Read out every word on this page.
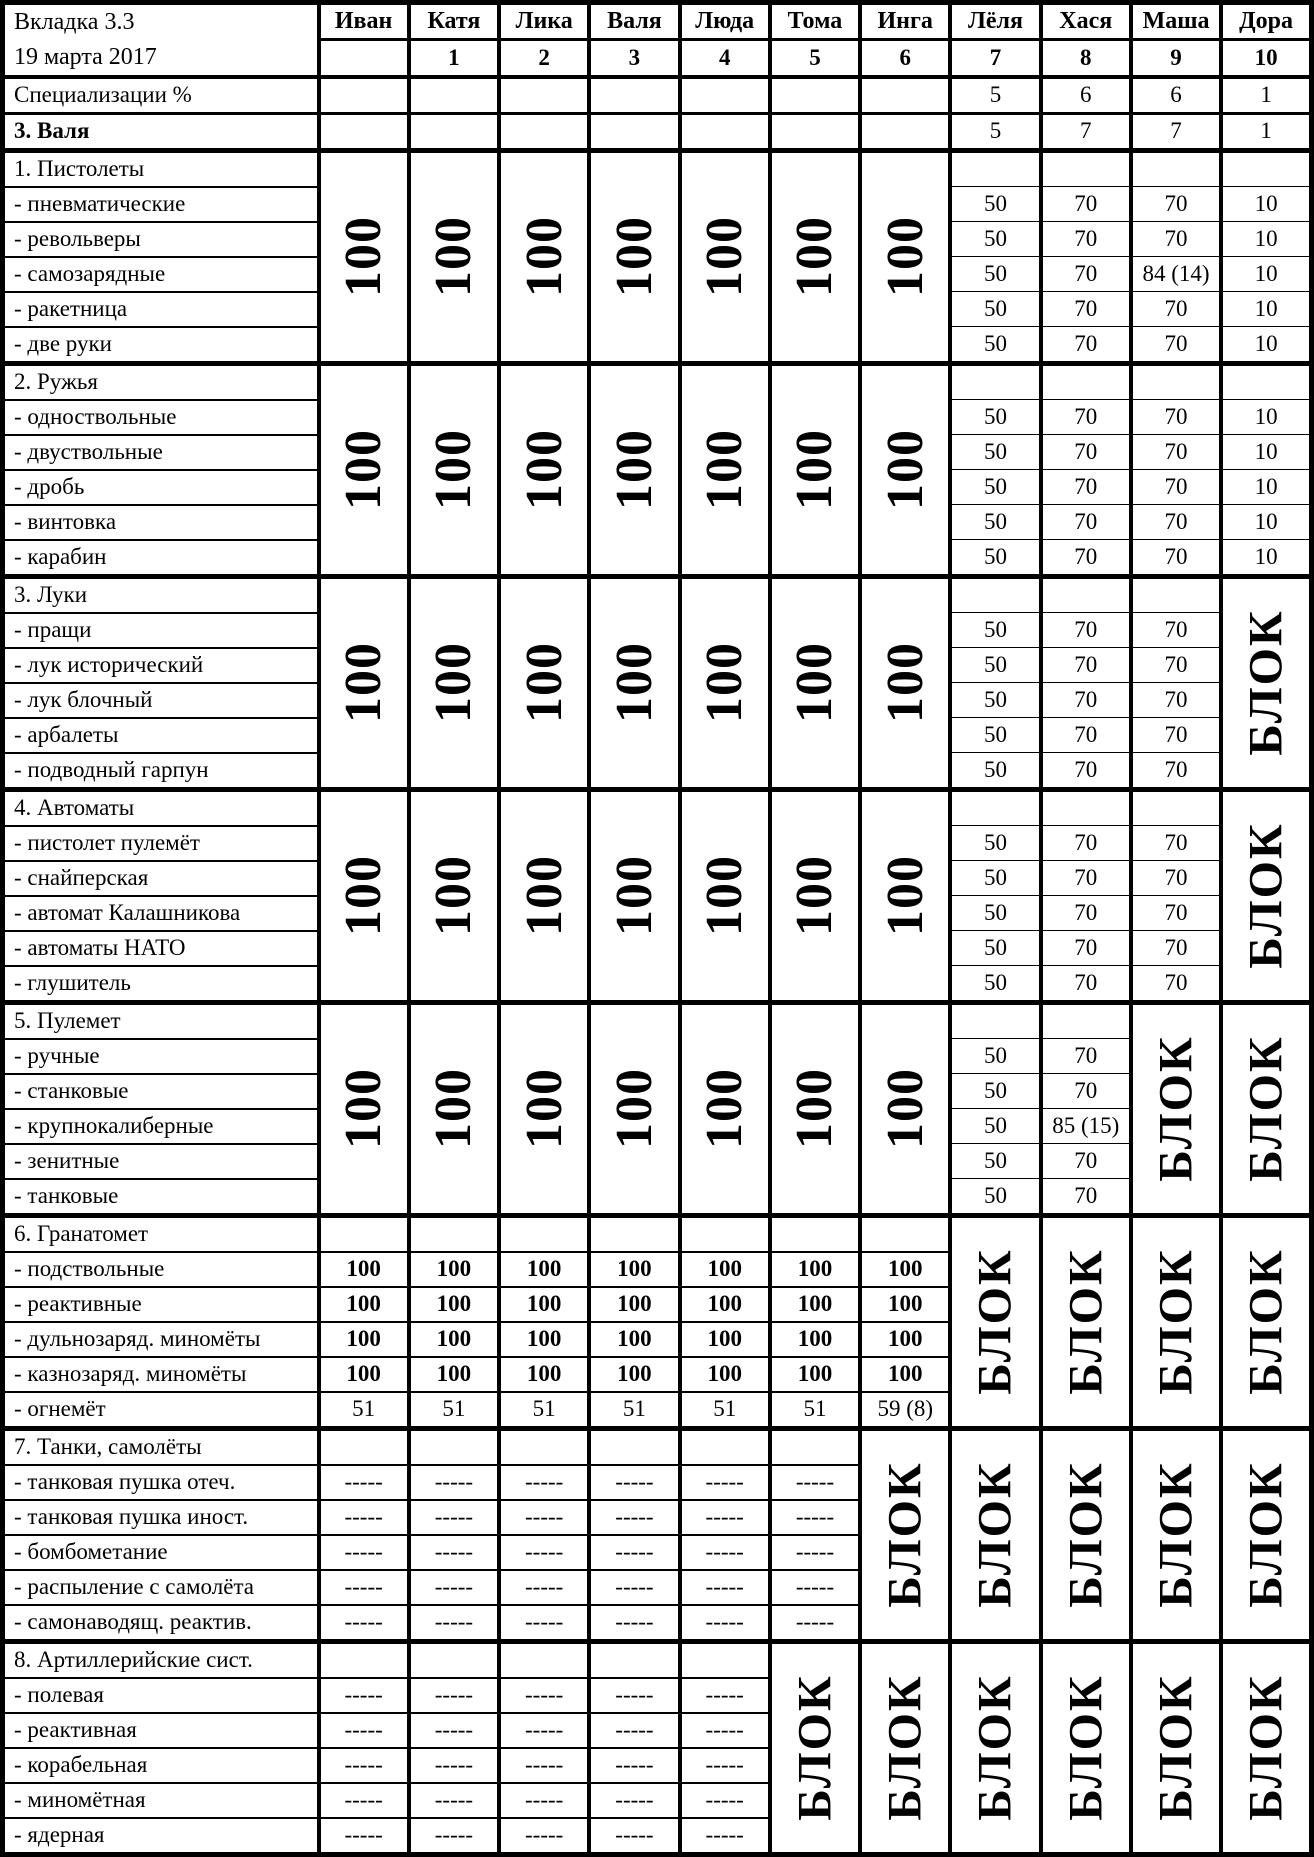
Вкладка 3.3
19 марта 2017	Иван	Катя	Лика	Валя	Люда	Тома	Инга	Лёля	Хася	Маша	Дора
		1	2	3	4	5	6	7	8	9	10
Специализации %								5	6	6	1
3. Валя								5	7	7	1
1. Пистолеты	100	100	100	100	100	100	100				

- пневматические								50	70	70	10
- револьверы								50	70	70	10
- самозарядные								50	70	84 (14)	10
- ракетница								50	70	70	10
- две руки								50	70	70	10
2. Ружья	100	100	100	100	100	100	100				

- одноствольные								50	70	70	10
- двуствольные								50	70	70	10
- дробь								50	70	70	10
- винтовка								50	70	70	10
- карабин								50	70	70	10
3. Луки	100	100	100	100	100	100	100				БЛОК

- пращи								50	70	70	
- лук исторический								50	70	70	
- лук блочный								50	70	70	
- арбалеты								50	70	70	
- подводный гарпун								50	70	70	
4. Автоматы	100	100	100	100	100	100	100				БЛОК

- пистолет пулемёт								50	70	70	
- снайперская								50	70	70	
- автомат Калашникова								50	70	70	
- автоматы НАТО								50	70	70	
- глушитель								50	70	70	
5. Пулемет	100	100	100	100	100	100	100			БЛОК	БЛОК

- ручные								50	70		
- станковые								50	70		
- крупнокалиберные								50	85 (15)		
- зенитные								50	70		
- танковые								50	70		
6. Гранатомет								БЛОК	БЛОК	БЛОК	БЛОК

- подствольные	100	100	100	100	100	100	100				
- реактивные	100	100	100	100	100	100	100				
- дульнозаряд. миномёты	100	100	100	100	100	100	100				
- казнозаряд. миномёты	100	100	100	100	100	100	100				
- огнемёт	51	51	51	51	51	51	59 (8)				
7. Танки, самолёты							БЛОК	БЛОК	БЛОК	БЛОК	БЛОК

- танковая пушка отеч.	-----	-----	-----	-----	-----	-----					
- танковая пушка иност.	-----	-----	-----	-----	-----	-----					
- бомбометание	-----	-----	-----	-----	-----	-----					
- распыление с самолёта	-----	-----	-----	-----	-----	-----					
- самонаводящ. реактив.	-----	-----	-----	-----	-----	-----					
8. Артиллерийские сист.						БЛОК	БЛОК	БЛОК	БЛОК	БЛОК	БЛОК

- полевая	-----	-----	-----	-----	-----						
- реактивная	-----	-----	-----	-----	-----						
- корабельная	-----	-----	-----	-----	-----						
- миномётная	-----	-----	-----	-----	-----						
- ядерная	-----	-----	-----	-----	-----						
